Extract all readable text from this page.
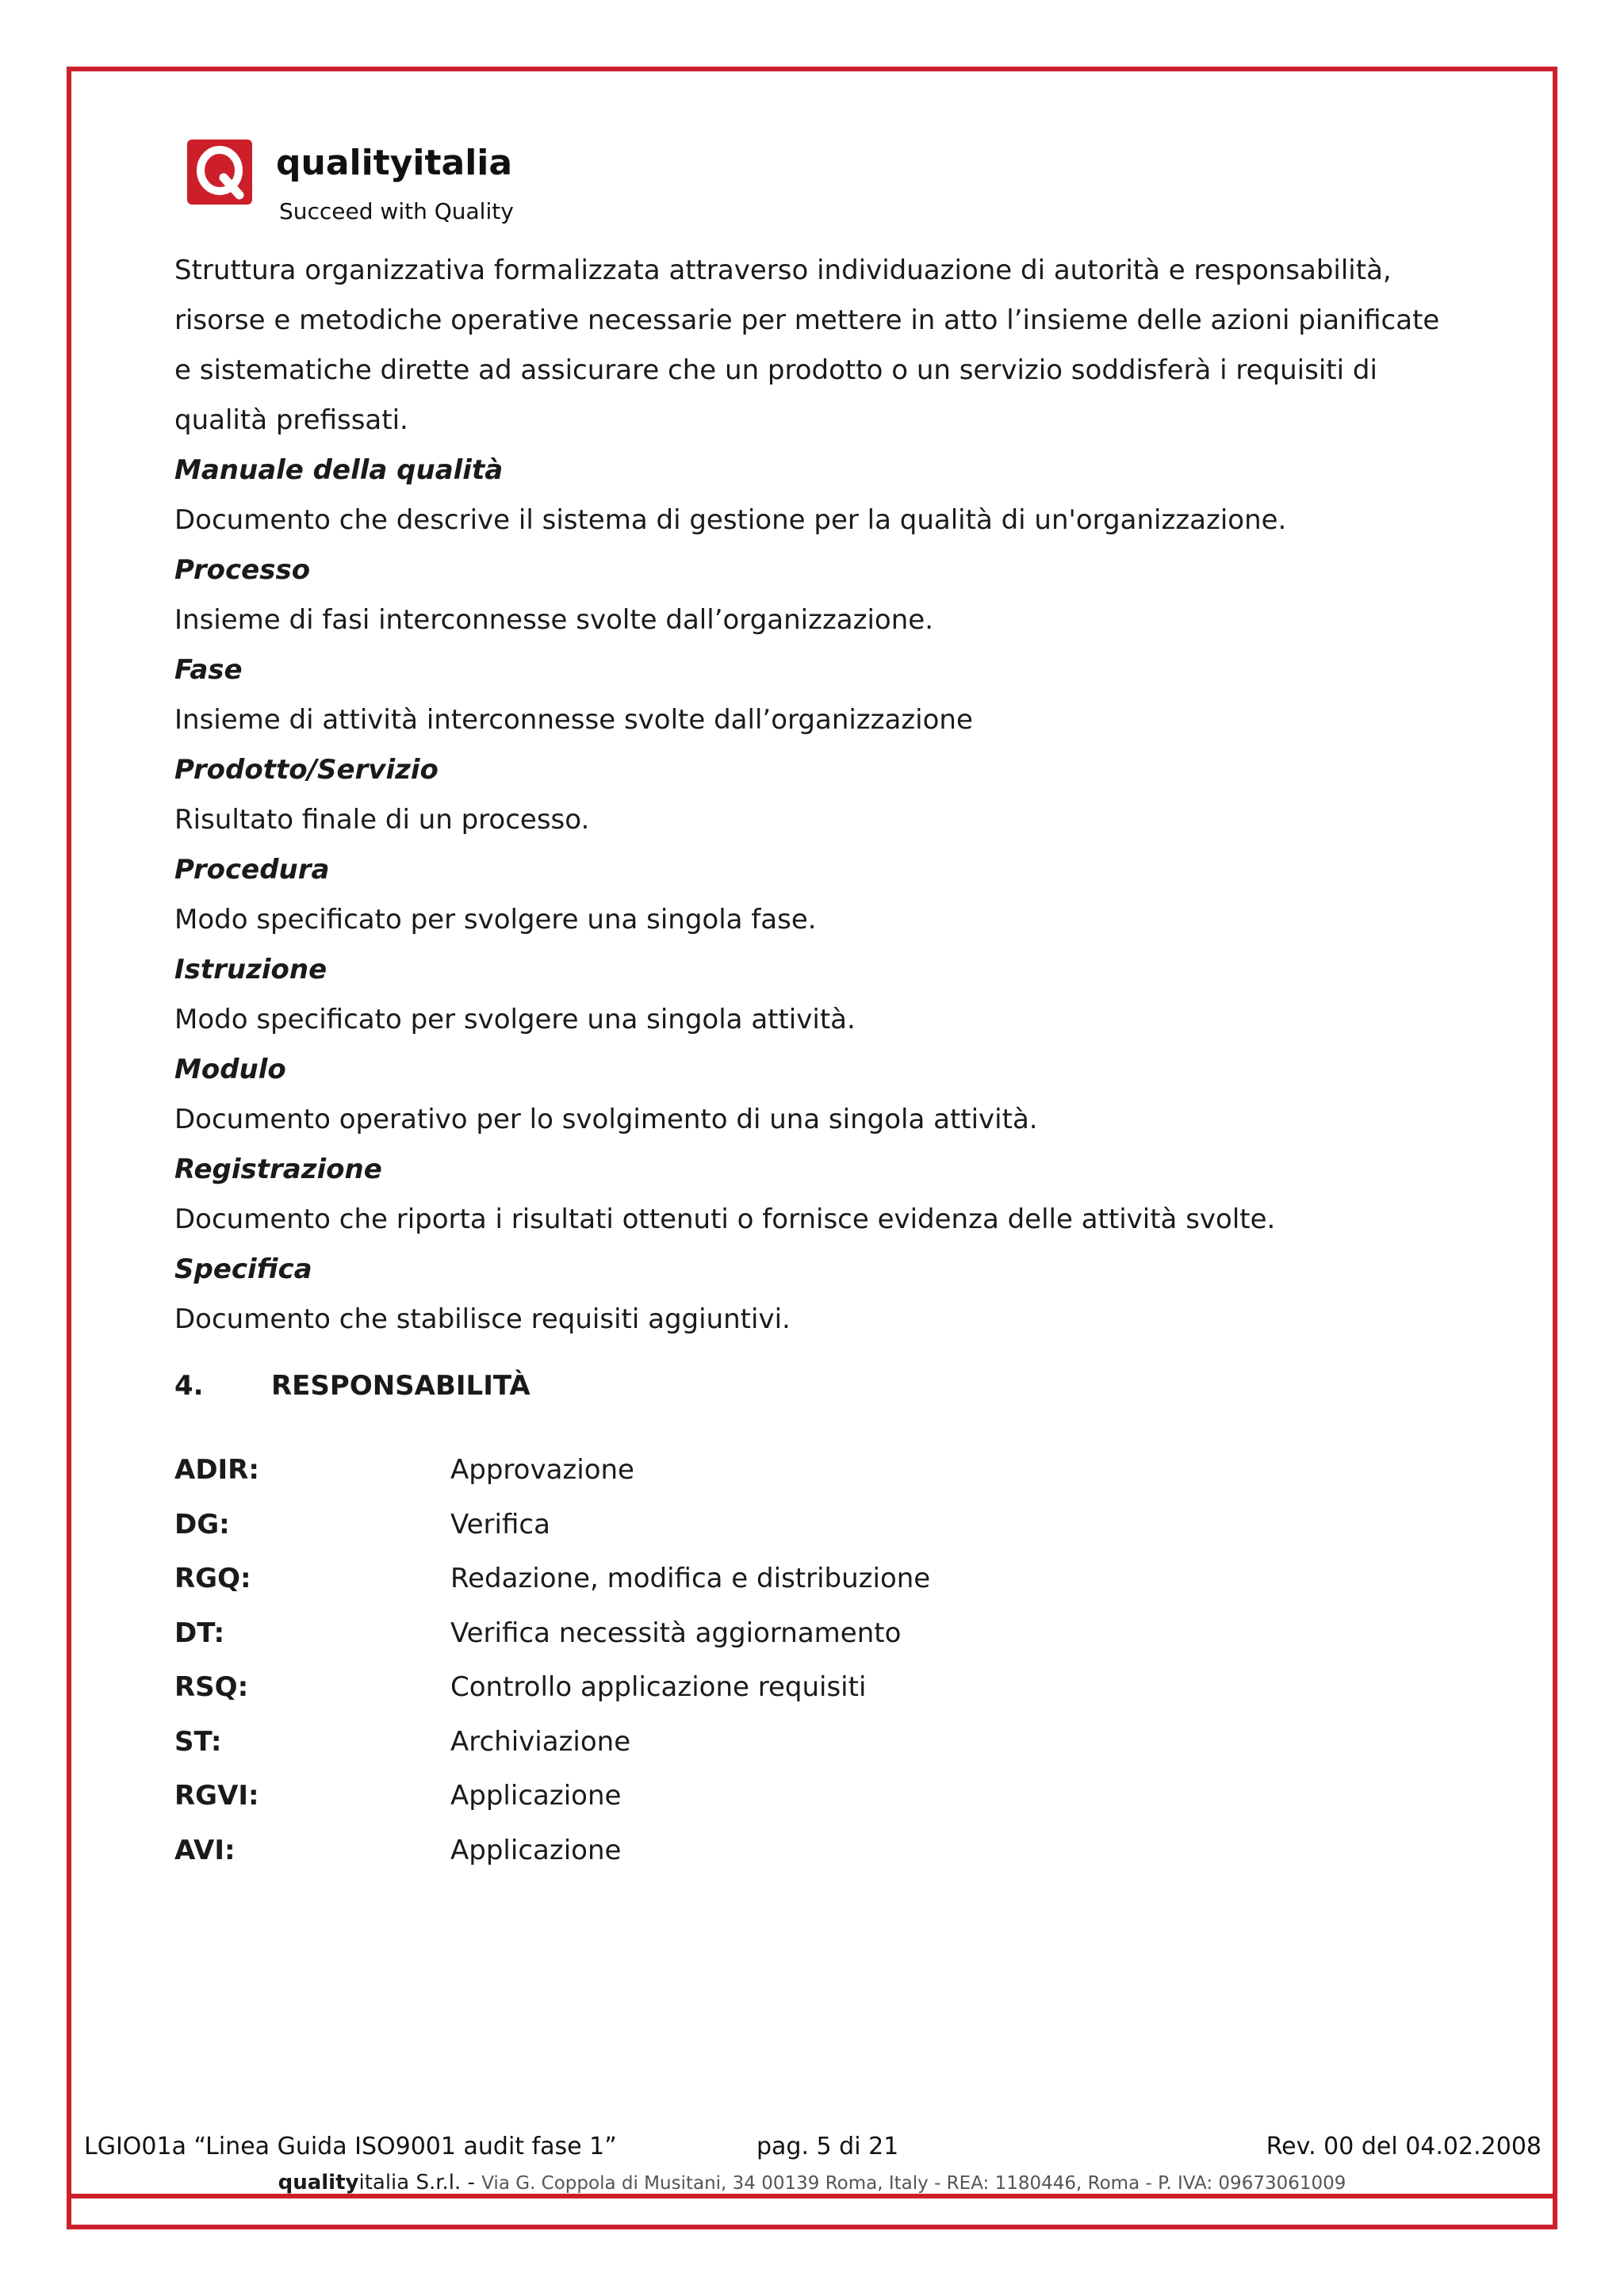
qualityitalia
Succeed with Quality

Struttura organizzativa formalizzata attraverso individuazione di autorità e responsabilità,

risorse e metodiche operative necessarie per mettere in atto l’insieme delle azioni pianificate

e sistematiche dirette ad assicurare che un prodotto o un servizio soddisferà i requisiti di

qualità prefissati.

Manuale della qualità
Documento che descrive il sistema di gestione per la qualità di un'organizzazione.
Processo
Insieme di fasi interconnesse svolte dall’organizzazione.
Fase
Insieme di attività interconnesse svolte dall’organizzazione
Prodotto/Servizio
Risultato finale di un processo.
Procedura
Modo specificato per svolgere una singola fase.
Istruzione
Modo specificato per svolgere una singola attività.
Modulo
Documento operativo per lo svolgimento di una singola attività.
Registrazione
Documento che riporta i risultati ottenuti o fornisce evidenza delle attività svolte.
Specifica
Documento che stabilisce requisiti aggiuntivi.
4.	RESPONSABILITÀ
ADIR:	Approvazione
DG:	Verifica
RGQ:	Redazione, modifica e distribuzione
DT:	Verifica necessità aggiornamento
RSQ:	Controllo applicazione requisiti
ST:	Archiviazione
RGVI:	Applicazione
AVI:	Applicazione
LGIO01a “Linea Guida ISO9001 audit fase 1”	pag. 5 di 21	Rev. 00 del 04.02.2008
qualityitalia S.r.l. - Via G. Coppola di Musitani, 34 00139 Roma, Italy - REA: 1180446, Roma - P. IVA: 09673061009
